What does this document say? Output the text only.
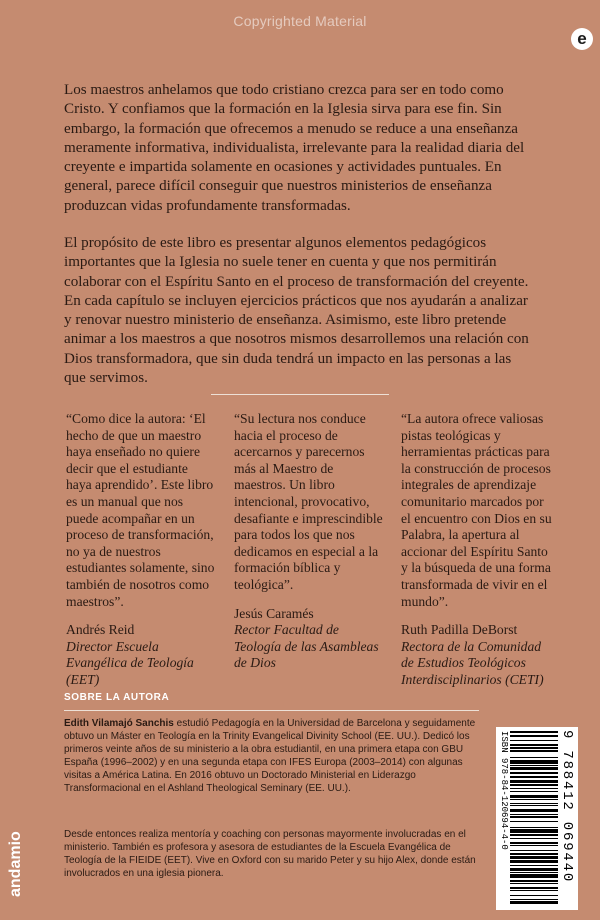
Copyrighted Material
e

Los maestros anhelamos que todo cristiano crezca para ser en todo como Cristo. Y confiamos que la formación en la Iglesia sirva para ese fin. Sin embargo, la formación que ofrecemos a menudo se reduce a una enseñanza meramente informativa, individualista, irrelevante para la realidad diaria del creyente e impartida solamente en ocasiones y actividades puntuales. En general, parece difícil conseguir que nuestros ministerios de enseñanza produzcan vidas profundamente transformadas.

El propósito de este libro es presentar algunos elementos pedagógicos importantes que la Iglesia no suele tener en cuenta y que nos permitirán colaborar con el Espíritu Santo en el proceso de transformación del creyente. En cada capítulo se incluyen ejercicios prácticos que nos ayudarán a analizar y renovar nuestro ministerio de enseñanza. Asimismo, este libro pretende animar a los maestros a que nosotros mismos desarrollemos una relación con Dios transformadora, que sin duda tendrá un impacto en las personas a las que servimos.

“Como dice la autora: ‘El hecho de que un maestro haya enseñado no quiere decir que el estudiante haya aprendido’. Este libro es un manual que nos puede acompañar en un proceso de transformación, no ya de nuestros estudiantes solamente, sino también de nosotros como maestros”.

Andrés Reid

Director Escuela Evangélica de Teología (EET)

“Su lectura nos conduce hacia el proceso de acercarnos y parecernos más al Maestro de maestros. Un libro intencional, provocativo, desafiante e imprescindible para todos los que nos dedicamos en especial a la formación bíblica y teológica”.

Jesús Caramés

Rector Facultad de Teología de las Asambleas de Dios

“La autora ofrece valiosas pistas teológicas y herramientas prácticas para la construcción de procesos integrales de aprendizaje comunitario marcados por el encuentro con Dios en su Palabra, la apertura al accionar del Espíritu Santo y la búsqueda de una forma transformada de vivir en el mundo”.

Ruth Padilla DeBorst

Rectora de la Comunidad de Estudios Teológicos Interdisciplinarios (CETI)

SOBRE LA AUTORA

Edith Vilamajó Sanchis estudió Pedagogía en la Universidad de Barcelona y seguidamente obtuvo un Máster en Teología en la Trinity Evangelical Divinity School (EE. UU.). Dedicó los primeros veinte años de su ministerio a la obra estudiantil, en una primera etapa con GBU España (1996–2002) y en una segunda etapa con IFES Europa (2003–2014) con algunas visitas a América Latina. En 2016 obtuvo un Doctorado Ministerial en Liderazgo Transformacional en el Ashland Theological Seminary (EE. UU.).

Desde entonces realiza mentoría y coaching con personas mayormente involucradas en el ministerio. También es profesora y asesora de estudiantes de la Escuela Evangélica de Teología de la FIEIDE (EET). Vive en Oxford con su marido Peter y su hijo Alex, donde están involucrados en una iglesia pionera.

andamio
ISBN 978-84-120694-4-0	9 788412 069440
